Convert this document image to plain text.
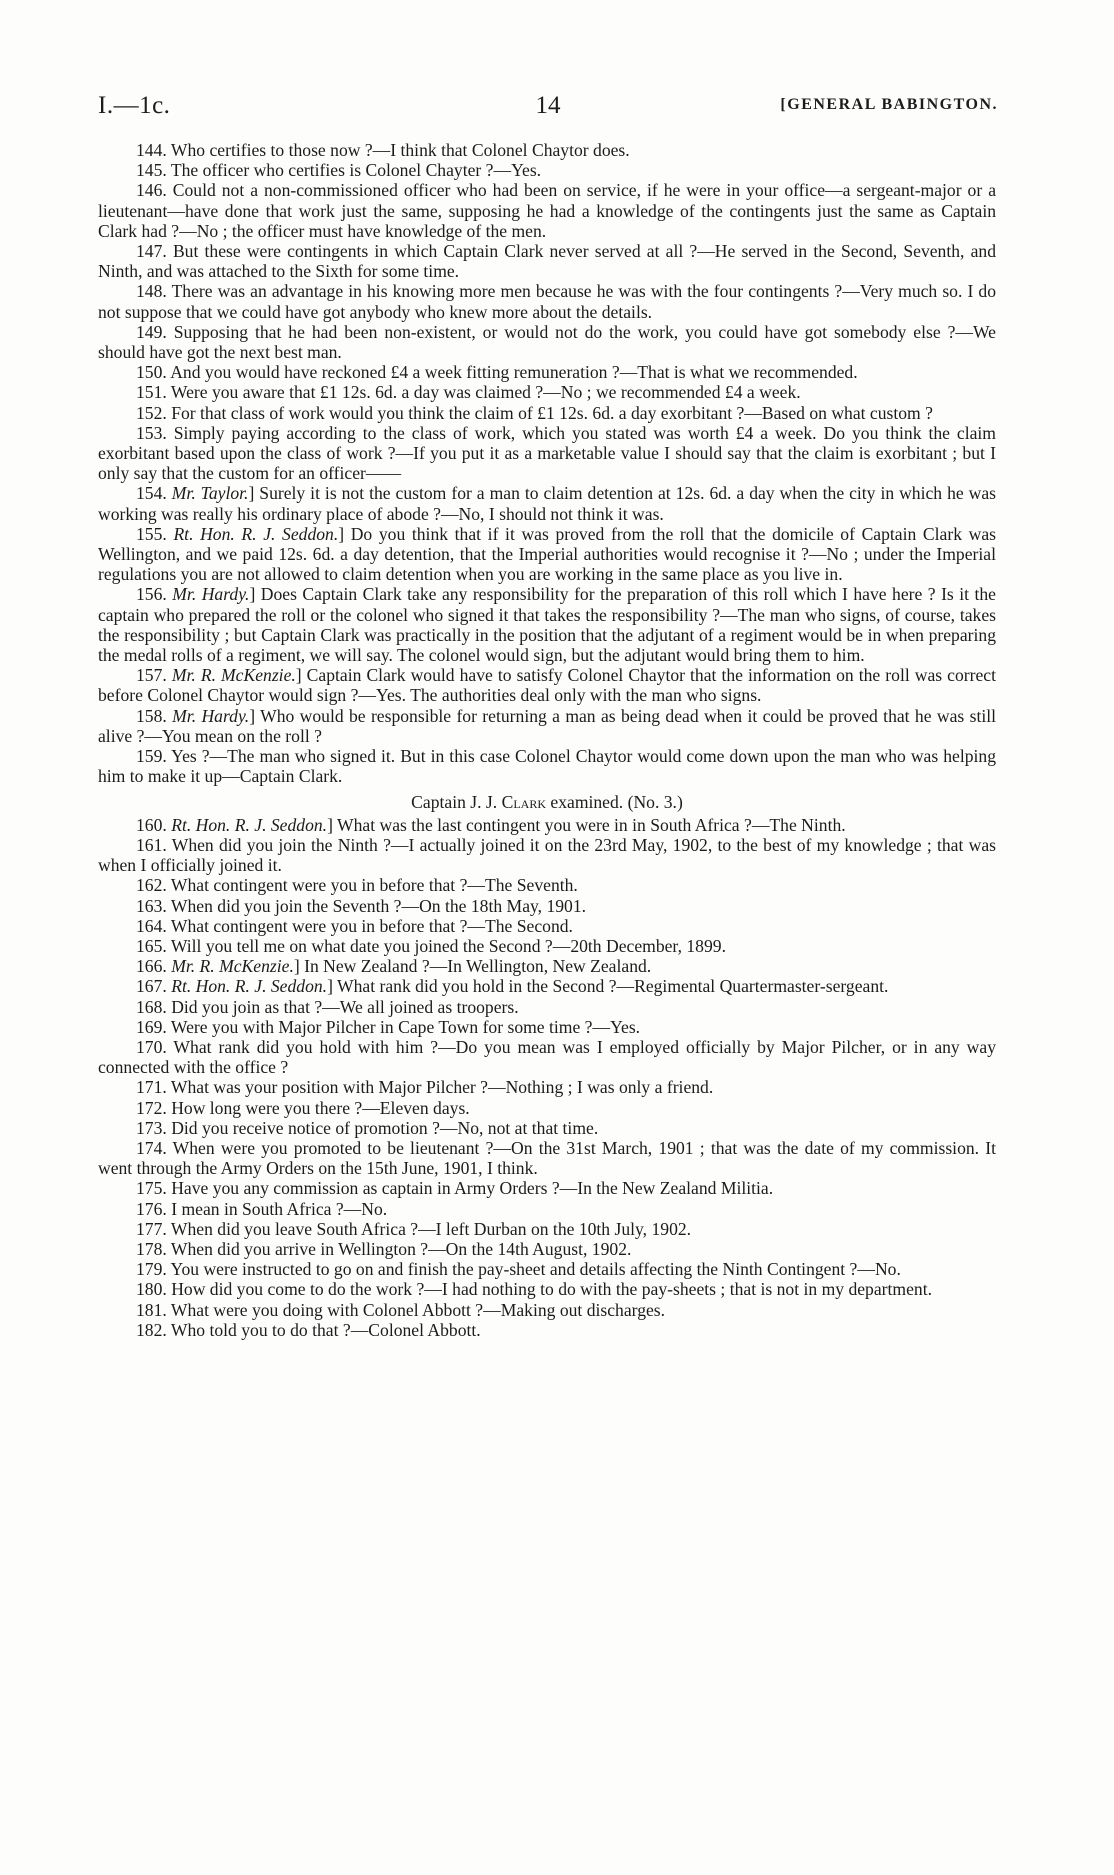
I.—1c.	14	[GENERAL BABINGTON.

144. Who certifies to those now ?—I think that Colonel Chaytor does.

145. The officer who certifies is Colonel Chayter ?—Yes.

146. Could not a non-commissioned officer who had been on service, if he were in your office—a sergeant-major or a lieutenant—have done that work just the same, supposing he had a knowledge of the contingents just the same as Captain Clark had ?—No ; the officer must have knowledge of the men.

147. But these were contingents in which Captain Clark never served at all ?—He served in the Second, Seventh, and Ninth, and was attached to the Sixth for some time.

148. There was an advantage in his knowing more men because he was with the four contingents ?—Very much so. I do not suppose that we could have got anybody who knew more about the details.

149. Supposing that he had been non-existent, or would not do the work, you could have got somebody else ?—We should have got the next best man.

150. And you would have reckoned £4 a week fitting remuneration ?—That is what we recommended.

151. Were you aware that £1 12s. 6d. a day was claimed ?—No ; we recommended £4 a week.

152. For that class of work would you think the claim of £1 12s. 6d. a day exorbitant ?—Based on what custom ?

153. Simply paying according to the class of work, which you stated was worth £4 a week. Do you think the claim exorbitant based upon the class of work ?—If you put it as a marketable value I should say that the claim is exorbitant ; but I only say that the custom for an officer——

154. Mr. Taylor.] Surely it is not the custom for a man to claim detention at 12s. 6d. a day when the city in which he was working was really his ordinary place of abode ?—No, I should not think it was.

155. Rt. Hon. R. J. Seddon.] Do you think that if it was proved from the roll that the domicile of Captain Clark was Wellington, and we paid 12s. 6d. a day detention, that the Imperial authorities would recognise it ?—No ; under the Imperial regulations you are not allowed to claim detention when you are working in the same place as you live in.

156. Mr. Hardy.] Does Captain Clark take any responsibility for the preparation of this roll which I have here ? Is it the captain who prepared the roll or the colonel who signed it that takes the responsibility ?—The man who signs, of course, takes the responsibility ; but Captain Clark was practically in the position that the adjutant of a regiment would be in when preparing the medal rolls of a regiment, we will say. The colonel would sign, but the adjutant would bring them to him.

157. Mr. R. McKenzie.] Captain Clark would have to satisfy Colonel Chaytor that the information on the roll was correct before Colonel Chaytor would sign ?—Yes. The authorities deal only with the man who signs.

158. Mr. Hardy.] Who would be responsible for returning a man as being dead when it could be proved that he was still alive ?—You mean on the roll ?

159. Yes ?—The man who signed it. But in this case Colonel Chaytor would come down upon the man who was helping him to make it up—Captain Clark.

Captain J. J. Clark examined. (No. 3.)

160. Rt. Hon. R. J. Seddon.] What was the last contingent you were in in South Africa ?—The Ninth.

161. When did you join the Ninth ?—I actually joined it on the 23rd May, 1902, to the best of my knowledge ; that was when I officially joined it.

162. What contingent were you in before that ?—The Seventh.

163. When did you join the Seventh ?—On the 18th May, 1901.

164. What contingent were you in before that ?—The Second.

165. Will you tell me on what date you joined the Second ?—20th December, 1899.

166. Mr. R. McKenzie.] In New Zealand ?—In Wellington, New Zealand.

167. Rt. Hon. R. J. Seddon.] What rank did you hold in the Second ?—Regimental Quartermaster-sergeant.

168. Did you join as that ?—We all joined as troopers.

169. Were you with Major Pilcher in Cape Town for some time ?—Yes.

170. What rank did you hold with him ?—Do you mean was I employed officially by Major Pilcher, or in any way connected with the office ?

171. What was your position with Major Pilcher ?—Nothing ; I was only a friend.

172. How long were you there ?—Eleven days.

173. Did you receive notice of promotion ?—No, not at that time.

174. When were you promoted to be lieutenant ?—On the 31st March, 1901 ; that was the date of my commission. It went through the Army Orders on the 15th June, 1901, I think.

175. Have you any commission as captain in Army Orders ?—In the New Zealand Militia.

176. I mean in South Africa ?—No.

177. When did you leave South Africa ?—I left Durban on the 10th July, 1902.

178. When did you arrive in Wellington ?—On the 14th August, 1902.

179. You were instructed to go on and finish the pay-sheet and details affecting the Ninth Contingent ?—No.

180. How did you come to do the work ?—I had nothing to do with the pay-sheets ; that is not in my department.

181. What were you doing with Colonel Abbott ?—Making out discharges.

182. Who told you to do that ?—Colonel Abbott.
